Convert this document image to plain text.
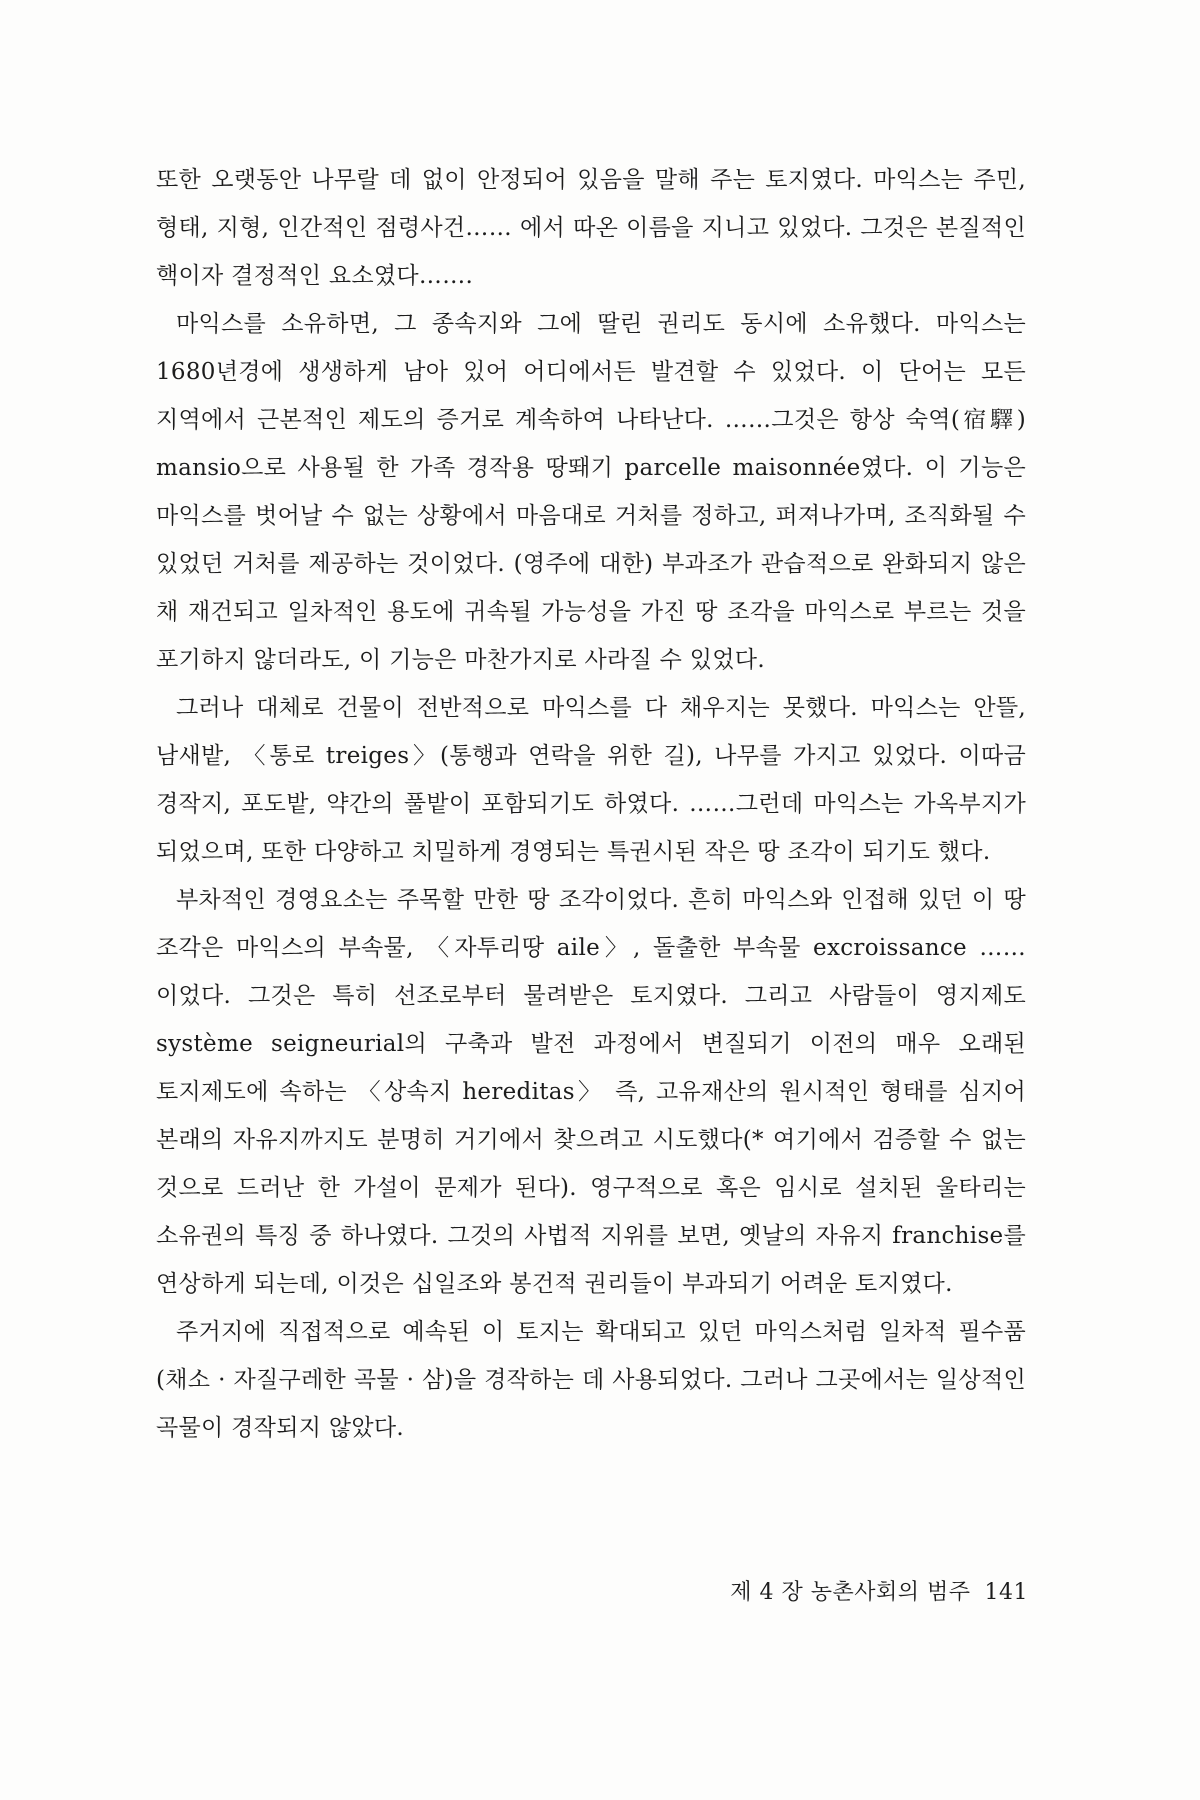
또한 오랫동안 나무랄 데 없이 안정되어 있음을 말해 주는 토지였다. 마익스는 주민, 형태, 지형, 인간적인 점령사건…… 에서 따온 이름을 지니고 있었다. 그것은 본질적인 핵이자 결정적인 요소였다…….

마익스를 소유하면, 그 종속지와 그에 딸린 권리도 동시에 소유했다. 마익스는 1680년경에 생생하게 남아 있어 어디에서든 발견할 수 있었다. 이 단어는 모든 지역에서 근본적인 제도의 증거로 계속하여 나타난다. ……그것은 항상 숙역(宿驛) mansio으로 사용될 한 가족 경작용 땅뙈기 parcelle maisonnée였다. 이 기능은 마익스를 벗어날 수 없는 상황에서 마음대로 거처를 정하고, 퍼져나가며, 조직화될 수 있었던 거처를 제공하는 것이었다. (영주에 대한) 부과조가 관습적으로 완화되지 않은 채 재건되고 일차적인 용도에 귀속될 가능성을 가진 땅 조각을 마익스로 부르는 것을 포기하지 않더라도, 이 기능은 마찬가지로 사라질 수 있었다.

그러나 대체로 건물이 전반적으로 마익스를 다 채우지는 못했다. 마익스는 안뜰, 남새밭, 〈통로 treiges〉(통행과 연락을 위한 길), 나무를 가지고 있었다. 이따금 경작지, 포도밭, 약간의 풀밭이 포함되기도 하였다. ……그런데 마익스는 가옥부지가 되었으며, 또한 다양하고 치밀하게 경영되는 특권시된 작은 땅 조각이 되기도 했다.

부차적인 경영요소는 주목할 만한 땅 조각이었다. 흔히 마익스와 인접해 있던 이 땅 조각은 마익스의 부속물, 〈자투리땅 aile〉, 돌출한 부속물 excroissance ……이었다. 그것은 특히 선조로부터 물려받은 토지였다. 그리고 사람들이 영지제도 système seigneurial의 구축과 발전 과정에서 변질되기 이전의 매우 오래된 토지제도에 속하는 〈상속지 hereditas〉 즉, 고유재산의 원시적인 형태를 심지어 본래의 자유지까지도 분명히 거기에서 찾으려고 시도했다(* 여기에서 검증할 수 없는 것으로 드러난 한 가설이 문제가 된다). 영구적으로 혹은 임시로 설치된 울타리는 소유권의 특징 중 하나였다. 그것의 사법적 지위를 보면, 옛날의 자유지 franchise를 연상하게 되는데, 이것은 십일조와 봉건적 권리들이 부과되기 어려운 토지였다.

주거지에 직접적으로 예속된 이 토지는 확대되고 있던 마익스처럼 일차적 필수품(채소 · 자질구레한 곡물 · 삼)을 경작하는 데 사용되었다. 그러나 그곳에서는 일상적인 곡물이 경작되지 않았다.

제 4 장 농촌사회의 범주 141
